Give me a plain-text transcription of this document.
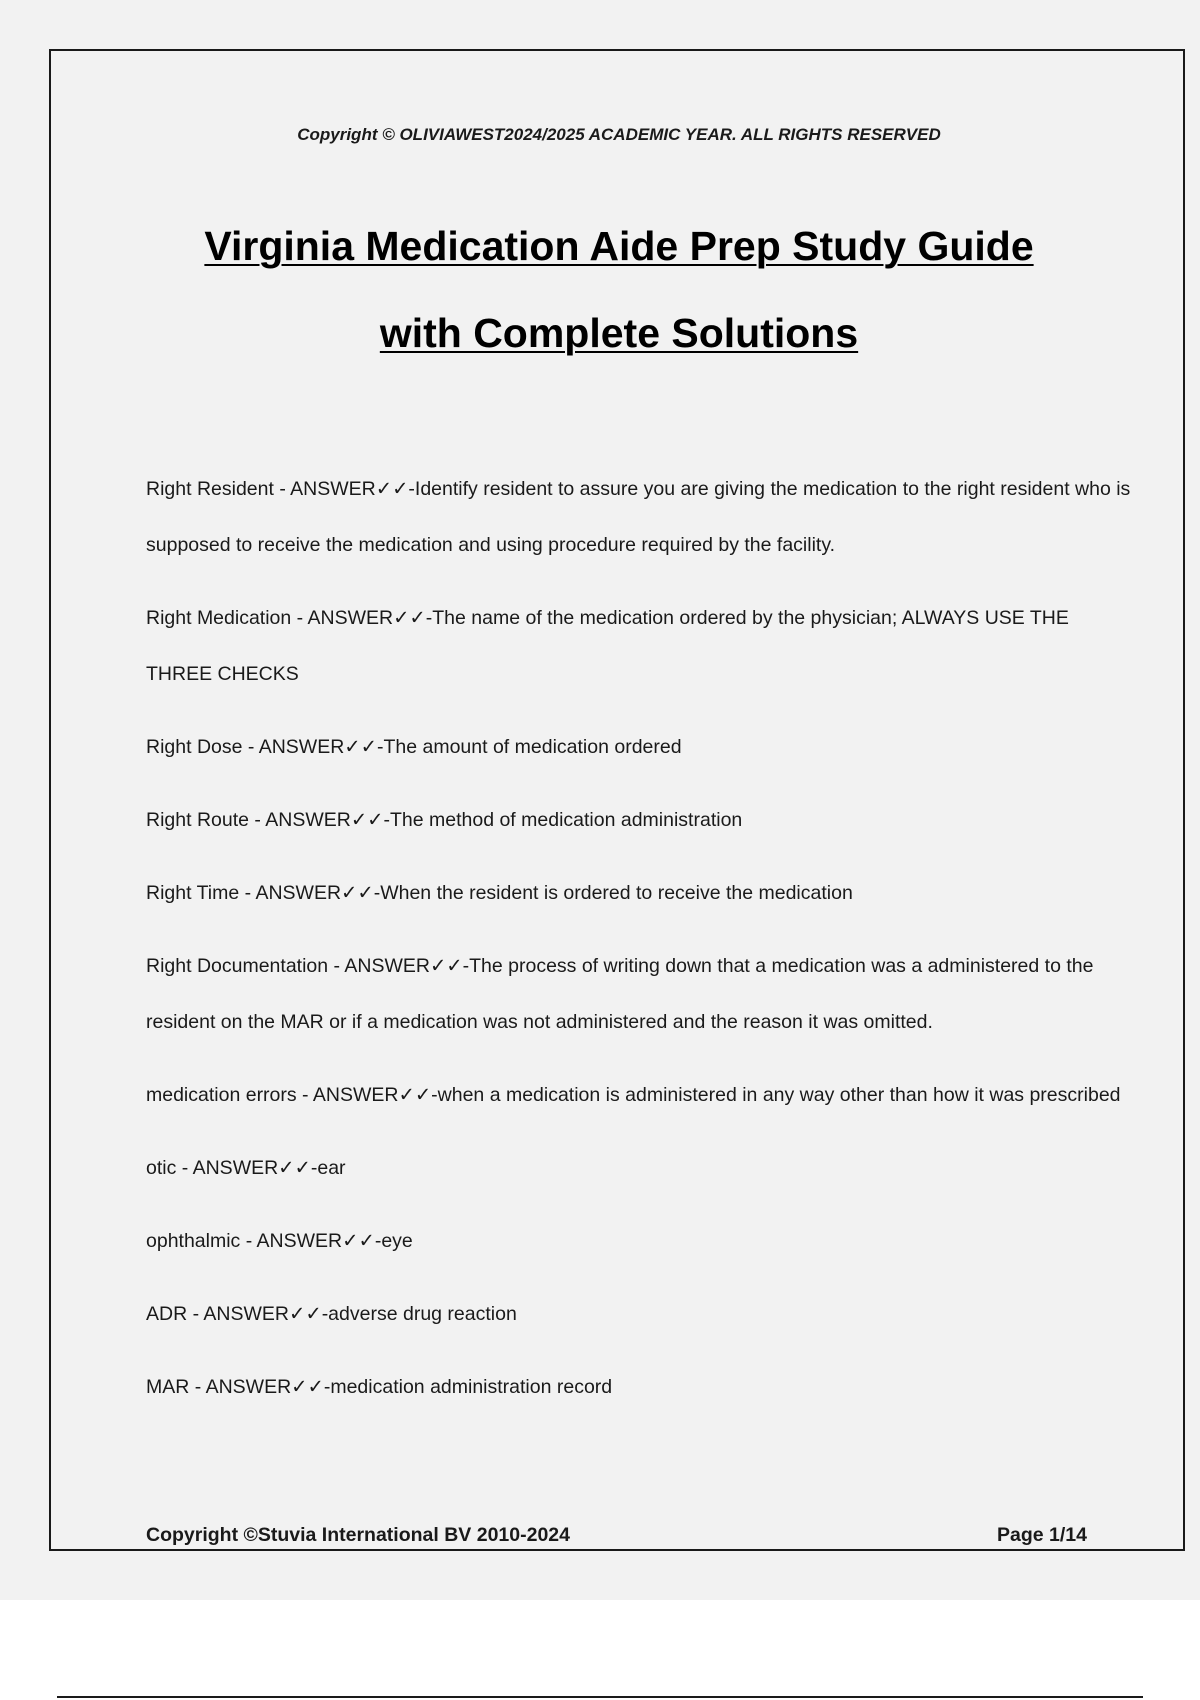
Copyright © OLIVIAWEST2024/2025 ACADEMIC YEAR. ALL RIGHTS RESERVED
Virginia Medication Aide Prep Study Guide
with Complete Solutions
Right Resident - ANSWER✓✓-Identify resident to assure you are giving the medication to the right resident who is supposed to receive the medication and using procedure required by the facility.
Right Medication - ANSWER✓✓-The name of the medication ordered by the physician; ALWAYS USE THE THREE CHECKS
Right Dose - ANSWER✓✓-The amount of medication ordered
Right Route - ANSWER✓✓-The method of medication administration
Right Time - ANSWER✓✓-When the resident is ordered to receive the medication
Right Documentation - ANSWER✓✓-The process of writing down that a medication was a administered to the resident on the MAR or if a medication was not administered and the reason it was omitted.
medication errors - ANSWER✓✓-when a medication is administered in any way other than how it was prescribed
otic - ANSWER✓✓-ear
ophthalmic - ANSWER✓✓-eye
ADR - ANSWER✓✓-adverse drug reaction
MAR - ANSWER✓✓-medication administration record
Copyright ©Stuvia International BV 2010-2024	Page 1/14
